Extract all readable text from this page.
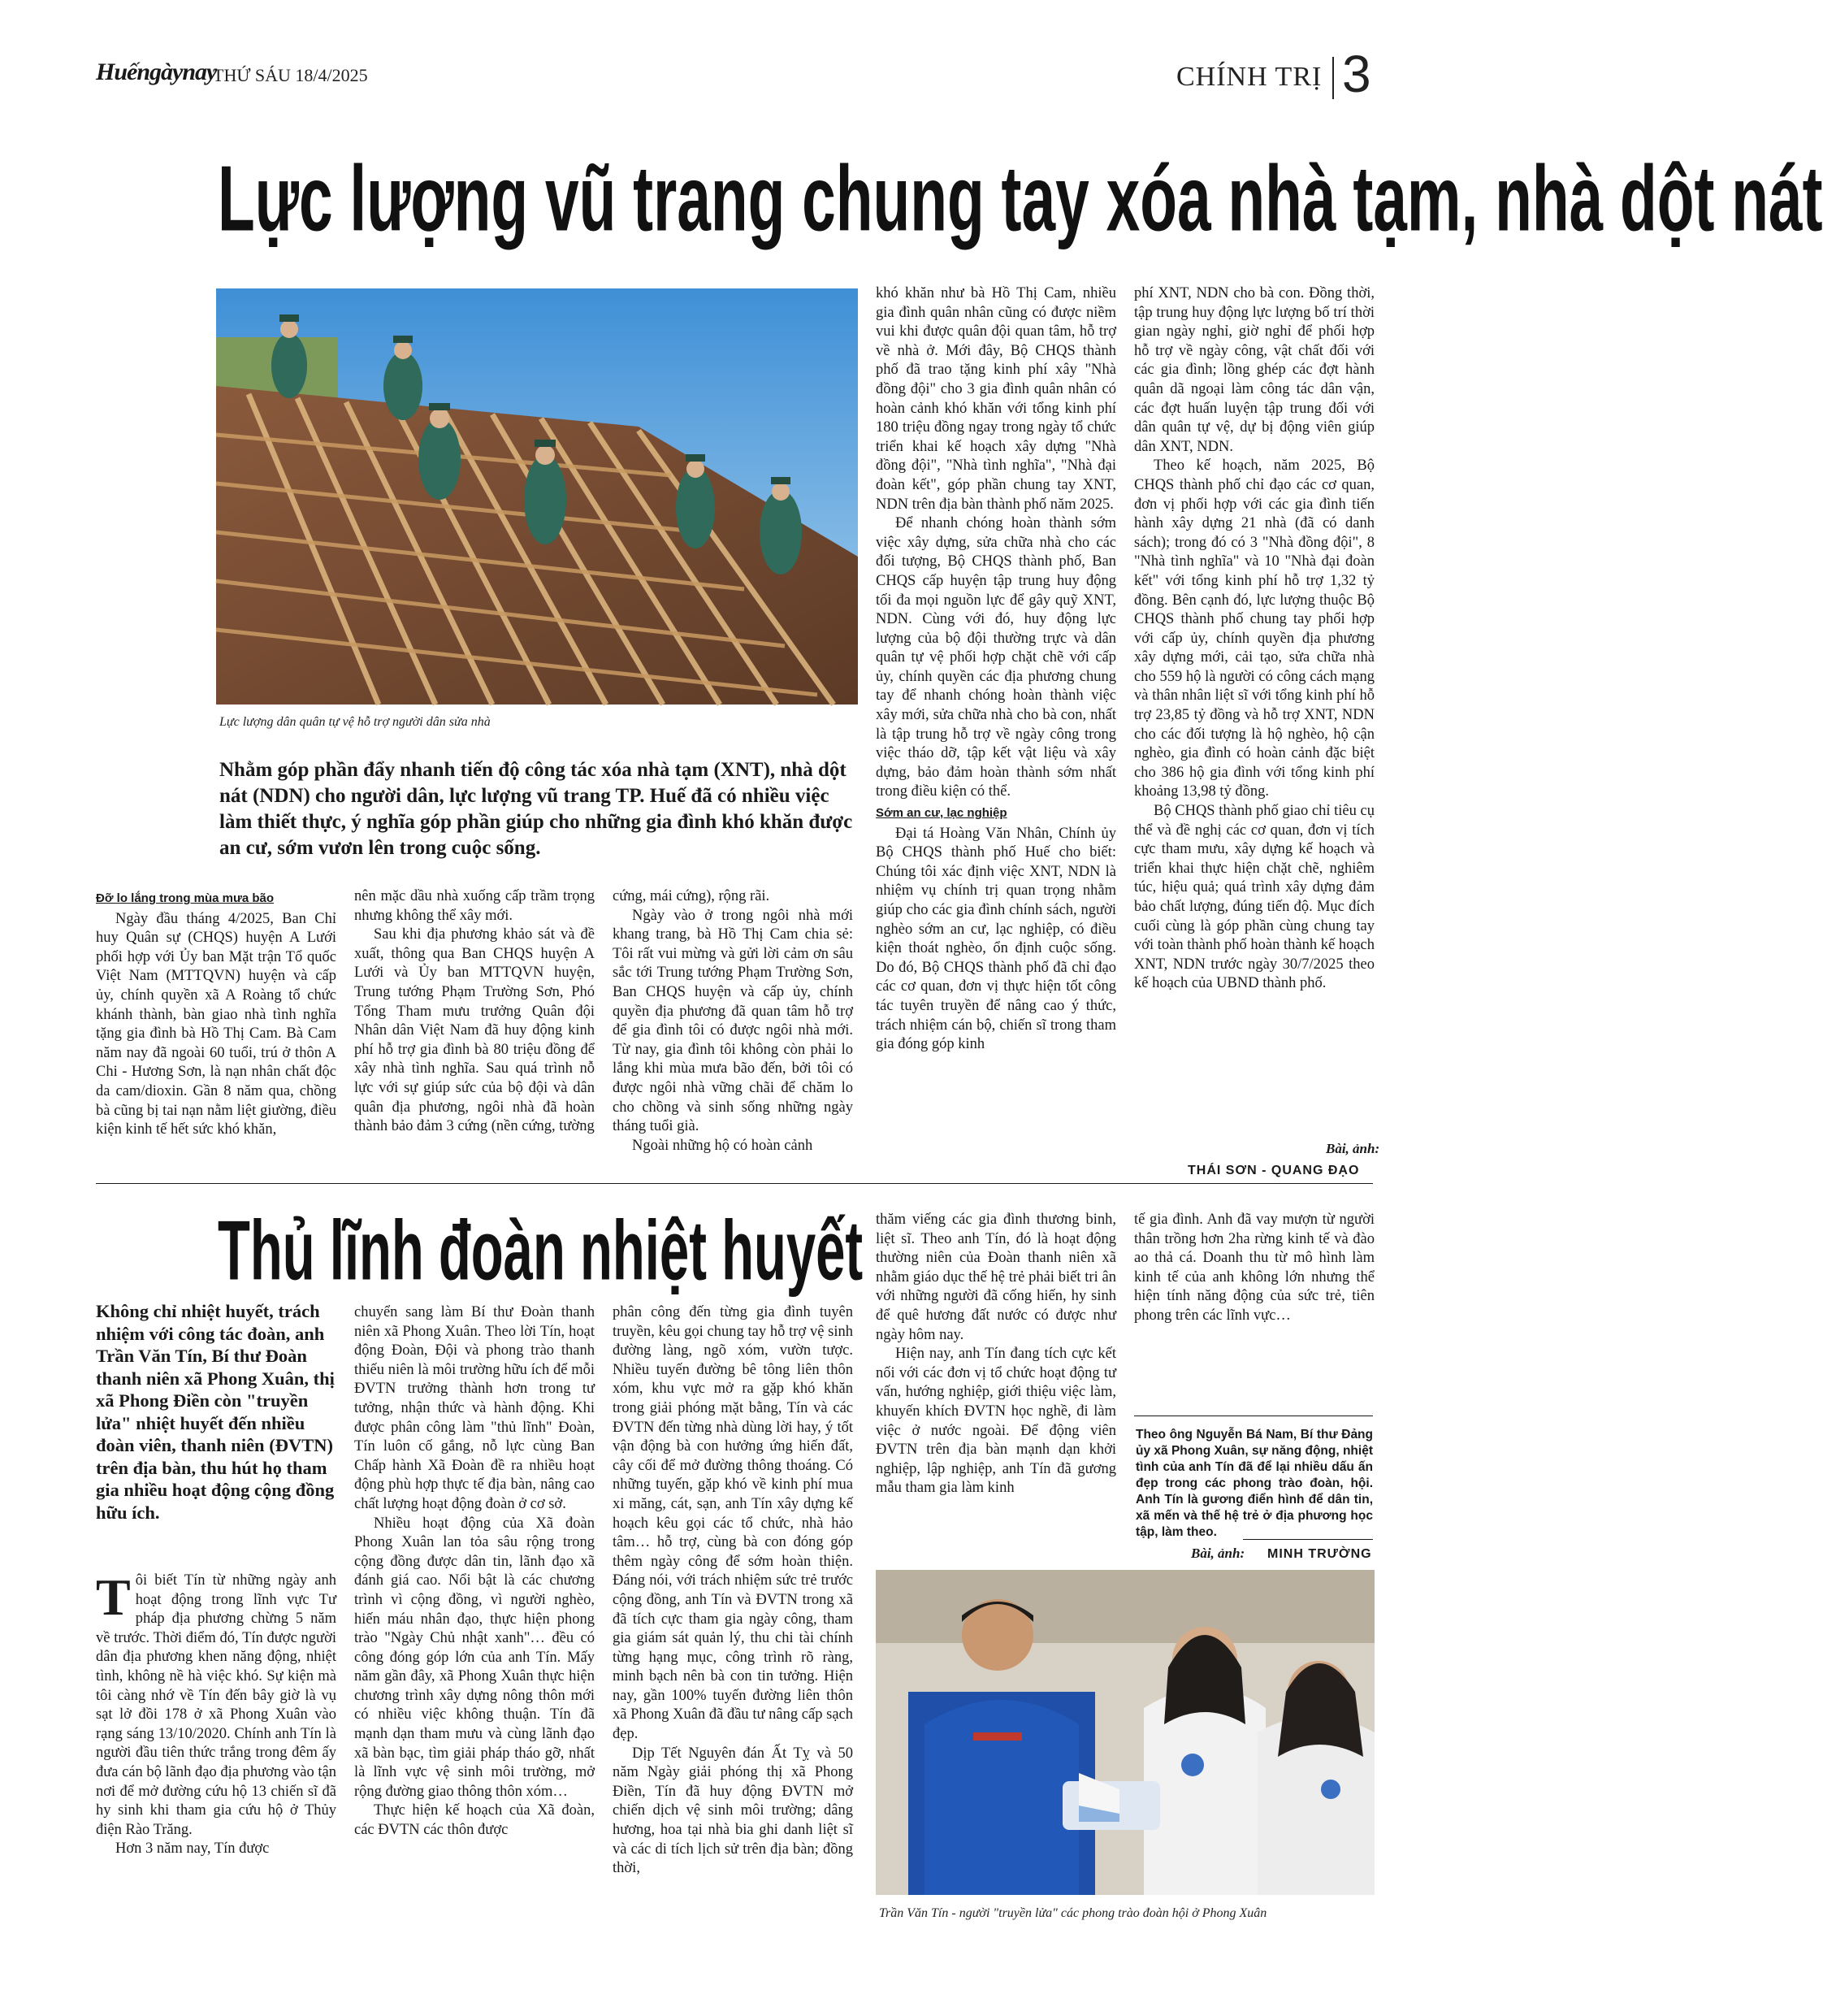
Huếngàynay
THỨ SÁU 18/4/2025	CHÍNH TRỊ 3
Lực lượng vũ trang chung tay xóa nhà tạm, nhà dột nát
Lực lượng dân quân tự vệ hỗ trợ người dân sửa nhà
Nhằm góp phần đẩy nhanh tiến độ công tác xóa nhà tạm (XNT), nhà dột nát (NDN) cho người dân, lực lượng vũ trang TP. Huế đã có nhiều việc làm thiết thực, ý nghĩa góp phần giúp cho những gia đình khó khăn được an cư, sớm vươn lên trong cuộc sống.
Đỡ lo lắng trong mùa mưa bão

Ngày đầu tháng 4/2025, Ban Chỉ huy Quân sự (CHQS) huyện A Lưới phối hợp với Ủy ban Mặt trận Tổ quốc Việt Nam (MTTQVN) huyện và cấp ủy, chính quyền xã A Roàng tổ chức khánh thành, bàn giao nhà tình nghĩa tặng gia đình bà Hồ Thị Cam. Bà Cam năm nay đã ngoài 60 tuổi, trú ở thôn A Chi - Hương Sơn, là nạn nhân chất độc da cam/dioxin. Gần 8 năm qua, chồng bà cũng bị tai nạn nằm liệt giường, điều kiện kinh tế hết sức khó khăn,

nên mặc dầu nhà xuống cấp trầm trọng nhưng không thể xây mới.

Sau khi địa phương khảo sát và đề xuất, thông qua Ban CHQS huyện A Lưới và Ủy ban MTTQVN huyện, Trung tướng Phạm Trường Sơn, Phó Tổng Tham mưu trưởng Quân đội Nhân dân Việt Nam đã huy động kinh phí hỗ trợ gia đình bà 80 triệu đồng để xây nhà tình nghĩa. Sau quá trình nỗ lực với sự giúp sức của bộ đội và dân quân địa phương, ngôi nhà đã hoàn thành bảo đảm 3 cứng (nền cứng, tường

cứng, mái cứng), rộng rãi.

Ngày vào ở trong ngôi nhà mới khang trang, bà Hồ Thị Cam chia sẻ: Tôi rất vui mừng và gửi lời cảm ơn sâu sắc tới Trung tướng Phạm Trường Sơn, Ban CHQS huyện và cấp ủy, chính quyền địa phương đã quan tâm hỗ trợ để gia đình tôi có được ngôi nhà mới. Từ nay, gia đình tôi không còn phải lo lắng khi mùa mưa bão đến, bởi tôi có được ngôi nhà vững chãi để chăm lo cho chồng và sinh sống những ngày tháng tuổi già.

Ngoài những hộ có hoàn cảnh

khó khăn như bà Hồ Thị Cam, nhiều gia đình quân nhân cũng có được niềm vui khi được quân đội quan tâm, hỗ trợ về nhà ở. Mới đây, Bộ CHQS thành phố đã trao tặng kinh phí xây "Nhà đồng đội" cho 3 gia đình quân nhân có hoàn cảnh khó khăn với tổng kinh phí 180 triệu đồng ngay trong ngày tổ chức triển khai kế hoạch xây dựng "Nhà đồng đội", "Nhà tình nghĩa", "Nhà đại đoàn kết", góp phần chung tay XNT, NDN trên địa bàn thành phố năm 2025.

Để nhanh chóng hoàn thành sớm việc xây dựng, sửa chữa nhà cho các đối tượng, Bộ CHQS thành phố, Ban CHQS cấp huyện tập trung huy động tối đa mọi nguồn lực để gây quỹ XNT, NDN. Cùng với đó, huy động lực lượng của bộ đội thường trực và dân quân tự vệ phối hợp chặt chẽ với cấp ủy, chính quyền các địa phương chung tay để nhanh chóng hoàn thành việc xây mới, sửa chữa nhà cho bà con, nhất là tập trung hỗ trợ về ngày công trong việc tháo dỡ, tập kết vật liệu và xây dựng, bảo đảm hoàn thành sớm nhất trong điều kiện có thể.

Sớm an cư, lạc nghiệp

Đại tá Hoàng Văn Nhân, Chính ủy Bộ CHQS thành phố Huế cho biết: Chúng tôi xác định việc XNT, NDN là nhiệm vụ chính trị quan trọng nhằm giúp cho các gia đình chính sách, người nghèo sớm an cư, lạc nghiệp, có điều kiện thoát nghèo, ổn định cuộc sống. Do đó, Bộ CHQS thành phố đã chỉ đạo các cơ quan, đơn vị thực hiện tốt công tác tuyên truyền để nâng cao ý thức, trách nhiệm cán bộ, chiến sĩ trong tham gia đóng góp kinh

phí XNT, NDN cho bà con. Đồng thời, tập trung huy động lực lượng bố trí thời gian ngày nghỉ, giờ nghỉ để phối hợp hỗ trợ về ngày công, vật chất đối với các gia đình; lồng ghép các đợt hành quân dã ngoại làm công tác dân vận, các đợt huấn luyện tập trung đối với dân quân tự vệ, dự bị động viên giúp dân XNT, NDN.

Theo kế hoạch, năm 2025, Bộ CHQS thành phố chỉ đạo các cơ quan, đơn vị phối hợp với các gia đình tiến hành xây dựng 21 nhà (đã có danh sách); trong đó có 3 "Nhà đồng đội", 8 "Nhà tình nghĩa" và 10 "Nhà đại đoàn kết" với tổng kinh phí hỗ trợ 1,32 tỷ đồng. Bên cạnh đó, lực lượng thuộc Bộ CHQS thành phố chung tay phối hợp với cấp ủy, chính quyền địa phương xây dựng mới, cải tạo, sửa chữa nhà cho 559 hộ là người có công cách mạng và thân nhân liệt sĩ với tổng kinh phí hỗ trợ 23,85 tỷ đồng và hỗ trợ XNT, NDN cho các đối tượng là hộ nghèo, hộ cận nghèo, gia đình có hoàn cảnh đặc biệt cho 386 hộ gia đình với tổng kinh phí khoảng 13,98 tỷ đồng.

Bộ CHQS thành phố giao chỉ tiêu cụ thể và đề nghị các cơ quan, đơn vị tích cực tham mưu, xây dựng kế hoạch và triển khai thực hiện chặt chẽ, nghiêm túc, hiệu quả; quá trình xây dựng đảm bảo chất lượng, đúng tiến độ. Mục đích cuối cùng là góp phần cùng chung tay với toàn thành phố hoàn thành kế hoạch XNT, NDN trước ngày 30/7/2025 theo kế hoạch của UBND thành phố.

Bài, ảnh:
THÁI SƠN - QUANG ĐẠO
Thủ lĩnh đoàn nhiệt huyết
Không chỉ nhiệt huyết, trách nhiệm với công tác đoàn, anh Trần Văn Tín, Bí thư Đoàn thanh niên xã Phong Xuân, thị xã Phong Điền còn "truyền lửa" nhiệt huyết đến nhiều đoàn viên, thanh niên (ĐVTN) trên địa bàn, thu hút họ tham gia nhiều hoạt động cộng đồng hữu ích.

Tôi biết Tín từ những ngày anh hoạt động trong lĩnh vực Tư pháp địa phương chừng 5 năm về trước. Thời điểm đó, Tín được người dân địa phương khen năng động, nhiệt tình, không nề hà việc khó. Sự kiện mà tôi càng nhớ về Tín đến bây giờ là vụ sạt lở đồi 178 ở xã Phong Xuân vào rạng sáng 13/10/2020. Chính anh Tín là người đầu tiên thức trắng trong đêm ấy đưa cán bộ lãnh đạo địa phương vào tận nơi để mở đường cứu hộ 13 chiến sĩ đã hy sinh khi tham gia cứu hộ ở Thủy điện Rào Trăng.

Hơn 3 năm nay, Tín được

chuyển sang làm Bí thư Đoàn thanh niên xã Phong Xuân. Theo lời Tín, hoạt động Đoàn, Đội và phong trào thanh thiếu niên là môi trường hữu ích để mỗi ĐVTN trưởng thành hơn trong tư tưởng, nhận thức và hành động. Khi được phân công làm "thủ lĩnh" Đoàn, Tín luôn cố gắng, nỗ lực cùng Ban Chấp hành Xã Đoàn đề ra nhiều hoạt động phù hợp thực tế địa bàn, nâng cao chất lượng hoạt động đoàn ở cơ sở.

Nhiều hoạt động của Xã đoàn Phong Xuân lan tỏa sâu rộng trong cộng đồng được dân tin, lãnh đạo xã đánh giá cao. Nổi bật là các chương trình vì cộng đồng, vì người nghèo, hiến máu nhân đạo, thực hiện phong trào "Ngày Chủ nhật xanh"… đều có công đóng góp lớn của anh Tín. Mấy năm gần đây, xã Phong Xuân thực hiện chương trình xây dựng nông thôn mới có nhiều việc không thuận. Tín đã mạnh dạn tham mưu và cùng lãnh đạo xã bàn bạc, tìm giải pháp tháo gỡ, nhất là lĩnh vực vệ sinh môi trường, mở rộng đường giao thông thôn xóm…

Thực hiện kế hoạch của Xã đoàn, các ĐVTN các thôn được

phân công đến từng gia đình tuyên truyền, kêu gọi chung tay hỗ trợ vệ sinh đường làng, ngõ xóm, vườn tược. Nhiều tuyến đường bê tông liên thôn xóm, khu vực mở ra gặp khó khăn trong giải phóng mặt bằng, Tín và các ĐVTN đến từng nhà dùng lời hay, ý tốt vận động bà con hưởng ứng hiến đất, cây cối để mở đường thông thoáng. Có những tuyến, gặp khó về kinh phí mua xi măng, cát, sạn, anh Tín xây dựng kế hoạch kêu gọi các tổ chức, nhà hảo tâm… hỗ trợ, cùng bà con đóng góp thêm ngày công để sớm hoàn thiện. Đáng nói, với trách nhiệm sức trẻ trước cộng đồng, anh Tín và ĐVTN trong xã đã tích cực tham gia ngày công, tham gia giám sát quản lý, thu chi tài chính từng hạng mục, công trình rõ ràng, minh bạch nên bà con tin tưởng. Hiện nay, gần 100% tuyến đường liên thôn xã Phong Xuân đã đầu tư nâng cấp sạch đẹp.

Dịp Tết Nguyên đán Ất Tỵ và 50 năm Ngày giải phóng thị xã Phong Điền, Tín đã huy động ĐVTN mở chiến dịch vệ sinh môi trường; dâng hương, hoa tại nhà bia ghi danh liệt sĩ và các di tích lịch sử trên địa bàn; đồng thời,

thăm viếng các gia đình thương binh, liệt sĩ. Theo anh Tín, đó là hoạt động thường niên của Đoàn thanh niên xã nhằm giáo dục thế hệ trẻ phải biết tri ân với những người đã cống hiến, hy sinh để quê hương đất nước có được như ngày hôm nay.

Hiện nay, anh Tín đang tích cực kết nối với các đơn vị tổ chức hoạt động tư vấn, hướng nghiệp, giới thiệu việc làm, khuyến khích ĐVTN học nghề, đi làm việc ở nước ngoài. Để động viên ĐVTN trên địa bàn mạnh dạn khởi nghiệp, lập nghiệp, anh Tín đã gương mẫu tham gia làm kinh

tế gia đình. Anh đã vay mượn từ người thân trồng hơn 2ha rừng kinh tế và đào ao thả cá. Doanh thu từ mô hình làm kinh tế của anh không lớn nhưng thể hiện tính năng động của sức trẻ, tiên phong trên các lĩnh vực…

Theo ông Nguyễn Bá Nam, Bí thư Đảng ủy xã Phong Xuân, sự năng động, nhiệt tình của anh Tín đã để lại nhiều dấu ấn đẹp trong các phong trào đoàn, hội. Anh Tín là gương điển hình để dân tin, xã mến và thế hệ trẻ ở địa phương học tập, làm theo.
Bài, ảnh: MINH TRƯỜNG
Trần Văn Tín - người "truyền lửa" các phong trào đoàn hội ở Phong Xuân
